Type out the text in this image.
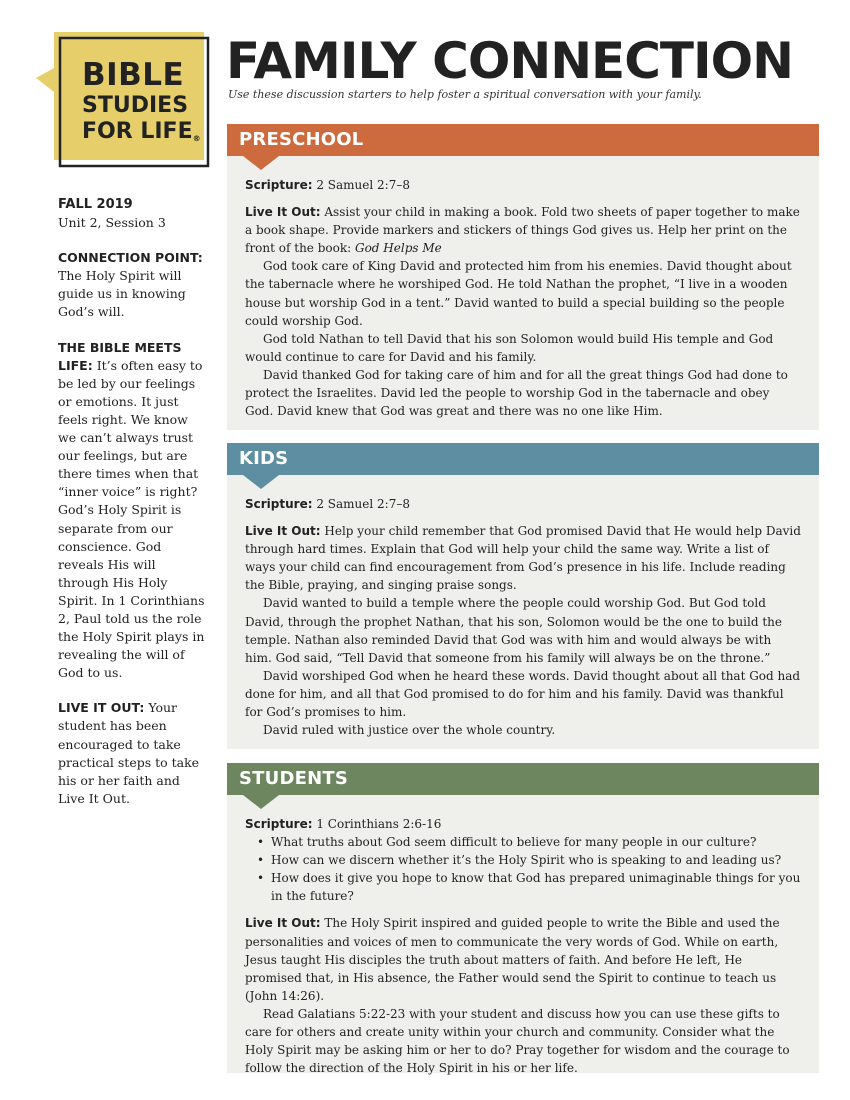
BIBLE
STUDIES
FOR LIFE®
FAMILY CONNECTION
Use these discussion starters to help foster a spiritual conversation with your family.
FALL 2019
Unit 2, Session 3
CONNECTION POINT: The Holy Spirit will guide us in knowing God’s will.
THE BIBLE MEETS LIFE: It’s often easy to be led by our feelings or emotions. It just feels right. We know we can’t always trust our feelings, but are there times when that “inner voice” is right? God’s Holy Spirit is separate from our conscience. God reveals His will through His Holy Spirit. In 1 Corinthians 2, Paul told us the role the Holy Spirit plays in revealing the will of God to us.
LIVE IT OUT: Your student has been encouraged to take practical steps to take his or her faith and Live It Out.
PRESCHOOL

Scripture: 2 Samuel 2:7–8

Live It Out: Assist your child in making a book. Fold two sheets of paper together to make a book shape. Provide markers and stickers of things God gives us. Help her print on the front of the book: God Helps Me

God took care of King David and protected him from his enemies. David thought about the tabernacle where he worshiped God. He told Nathan the prophet, “I live in a wooden house but worship God in a tent.” David wanted to build a special building so the people could worship God.

God told Nathan to tell David that his son Solomon would build His temple and God would continue to care for David and his family.

David thanked God for taking care of him and for all the great things God had done to protect the Israelites. David led the people to worship God in the tabernacle and obey God. David knew that God was great and there was no one like Him.

KIDS

Scripture: 2 Samuel 2:7–8

Live It Out: Help your child remember that God promised David that He would help David through hard times. Explain that God will help your child the same way. Write a list of ways your child can find encouragement from God’s presence in his life. Include reading the Bible, praying, and singing praise songs.

David wanted to build a temple where the people could worship God. But God told David, through the prophet Nathan, that his son, Solomon would be the one to build the temple. Nathan also reminded David that God was with him and would always be with him. God said, “Tell David that someone from his family will always be on the throne.”

David worshiped God when he heard these words. David thought about all that God had done for him, and all that God promised to do for him and his family. David was thankful for God’s promises to him.

David ruled with justice over the whole country.

STUDENTS

Scripture: 1 Corinthians 2:6-16

• What truths about God seem difficult to believe for many people in our culture?
• How can we discern whether it’s the Holy Spirit who is speaking to and leading us?
• How does it give you hope to know that God has prepared unimaginable things for you in the future?

Live It Out: The Holy Spirit inspired and guided people to write the Bible and used the personalities and voices of men to communicate the very words of God. While on earth, Jesus taught His disciples the truth about matters of faith. And before He left, He promised that, in His absence, the Father would send the Spirit to continue to teach us (John 14:26).

Read Galatians 5:22-23 with your student and discuss how you can use these gifts to care for others and create unity within your church and community. Consider what the Holy Spirit may be asking him or her to do? Pray together for wisdom and the courage to follow the direction of the Holy Spirit in his or her life.
